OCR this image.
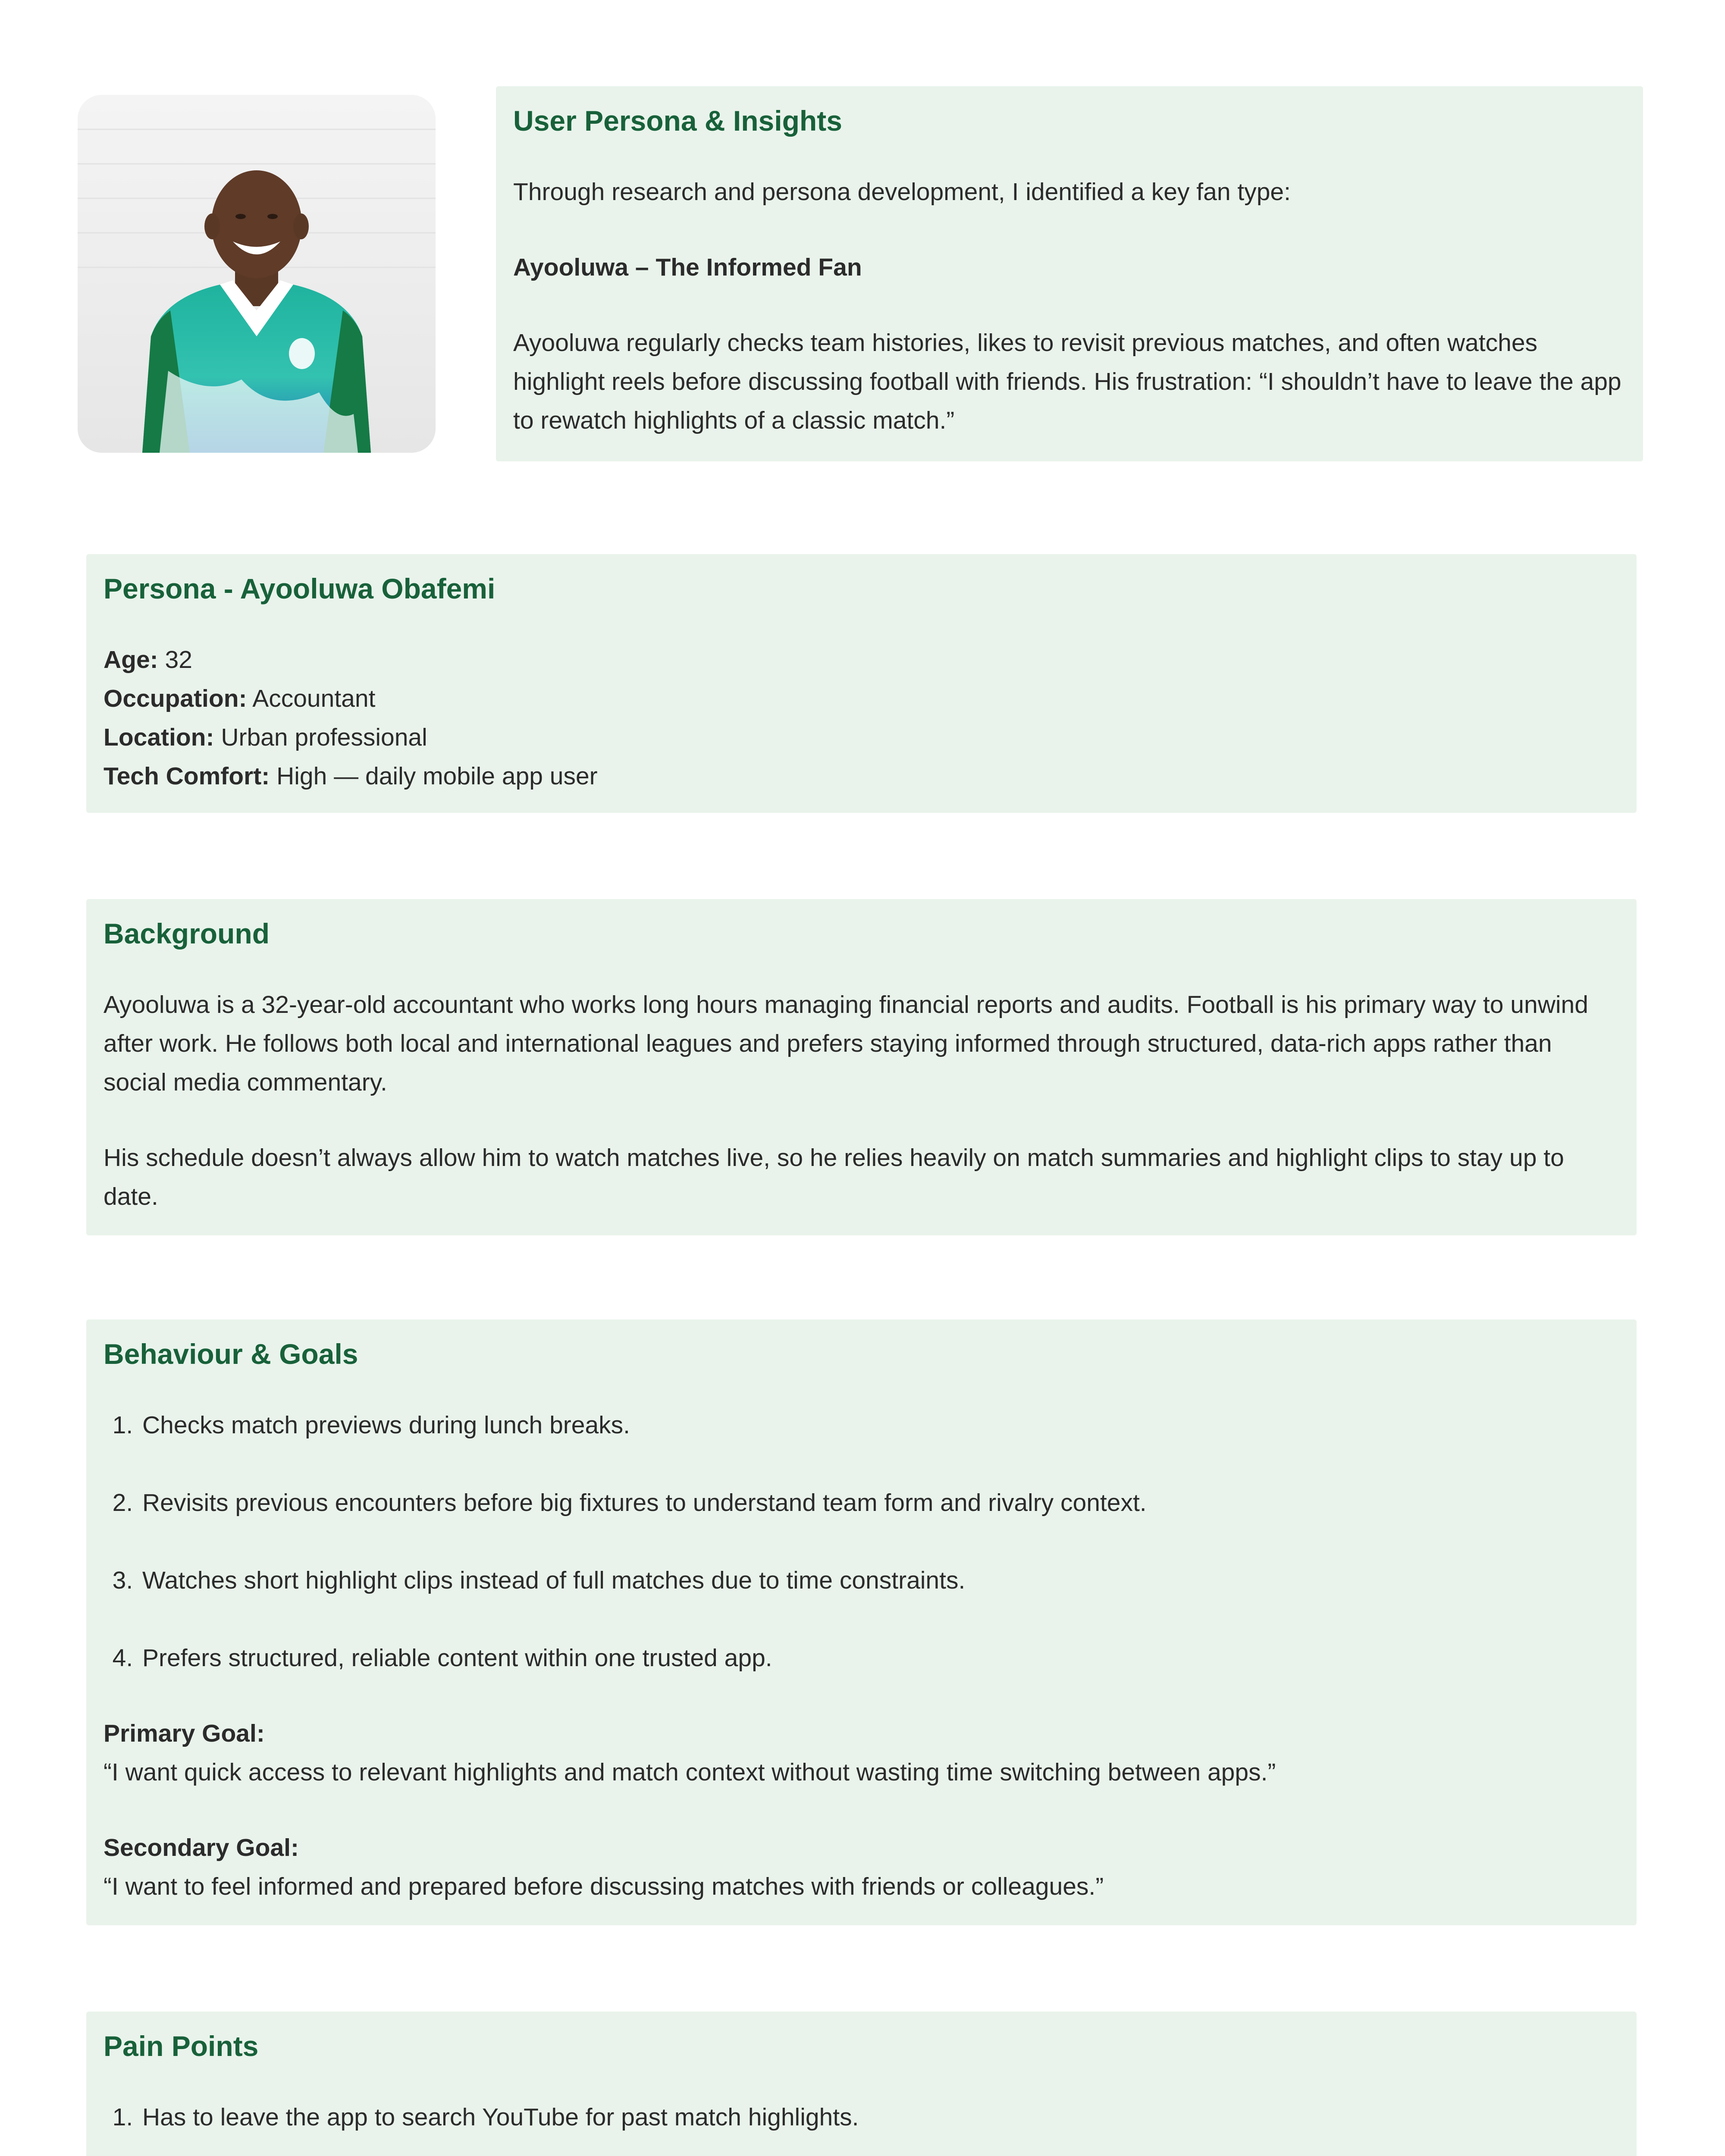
User Persona & Insights

Through research and persona development, I identified a key fan type:

Ayooluwa – The Informed Fan

Ayooluwa regularly checks team histories, likes to revisit previous matches, and often watches highlight reels before discussing football with friends. His frustration: “I shouldn’t have to leave the app to rewatch highlights of a classic match.”

Persona - Ayooluwa Obafemi

Age: 32

Occupation: Accountant

Location: Urban professional

Tech Comfort: High — daily mobile app user

Background

Ayooluwa is a 32-year-old accountant who works long hours managing financial reports and audits. Football is his primary way to unwind after work. He follows both local and international leagues and prefers staying informed through structured, data-rich apps rather than social media commentary.

His schedule doesn’t always allow him to watch matches live, so he relies heavily on match summaries and highlight clips to stay up to date.

Behaviour & Goals
1. Checks match previews during lunch breaks.
2. Revisits previous encounters before big fixtures to understand team form and rivalry context.
3. Watches short highlight clips instead of full matches due to time constraints.
4. Prefers structured, reliable content within one trusted app.

Primary Goal:

“I want quick access to relevant highlights and match context without wasting time switching between apps.”

Secondary Goal:

“I want to feel informed and prepared before discussing matches with friends or colleagues.”

Pain Points
1. Has to leave the app to search YouTube for past match highlights.
